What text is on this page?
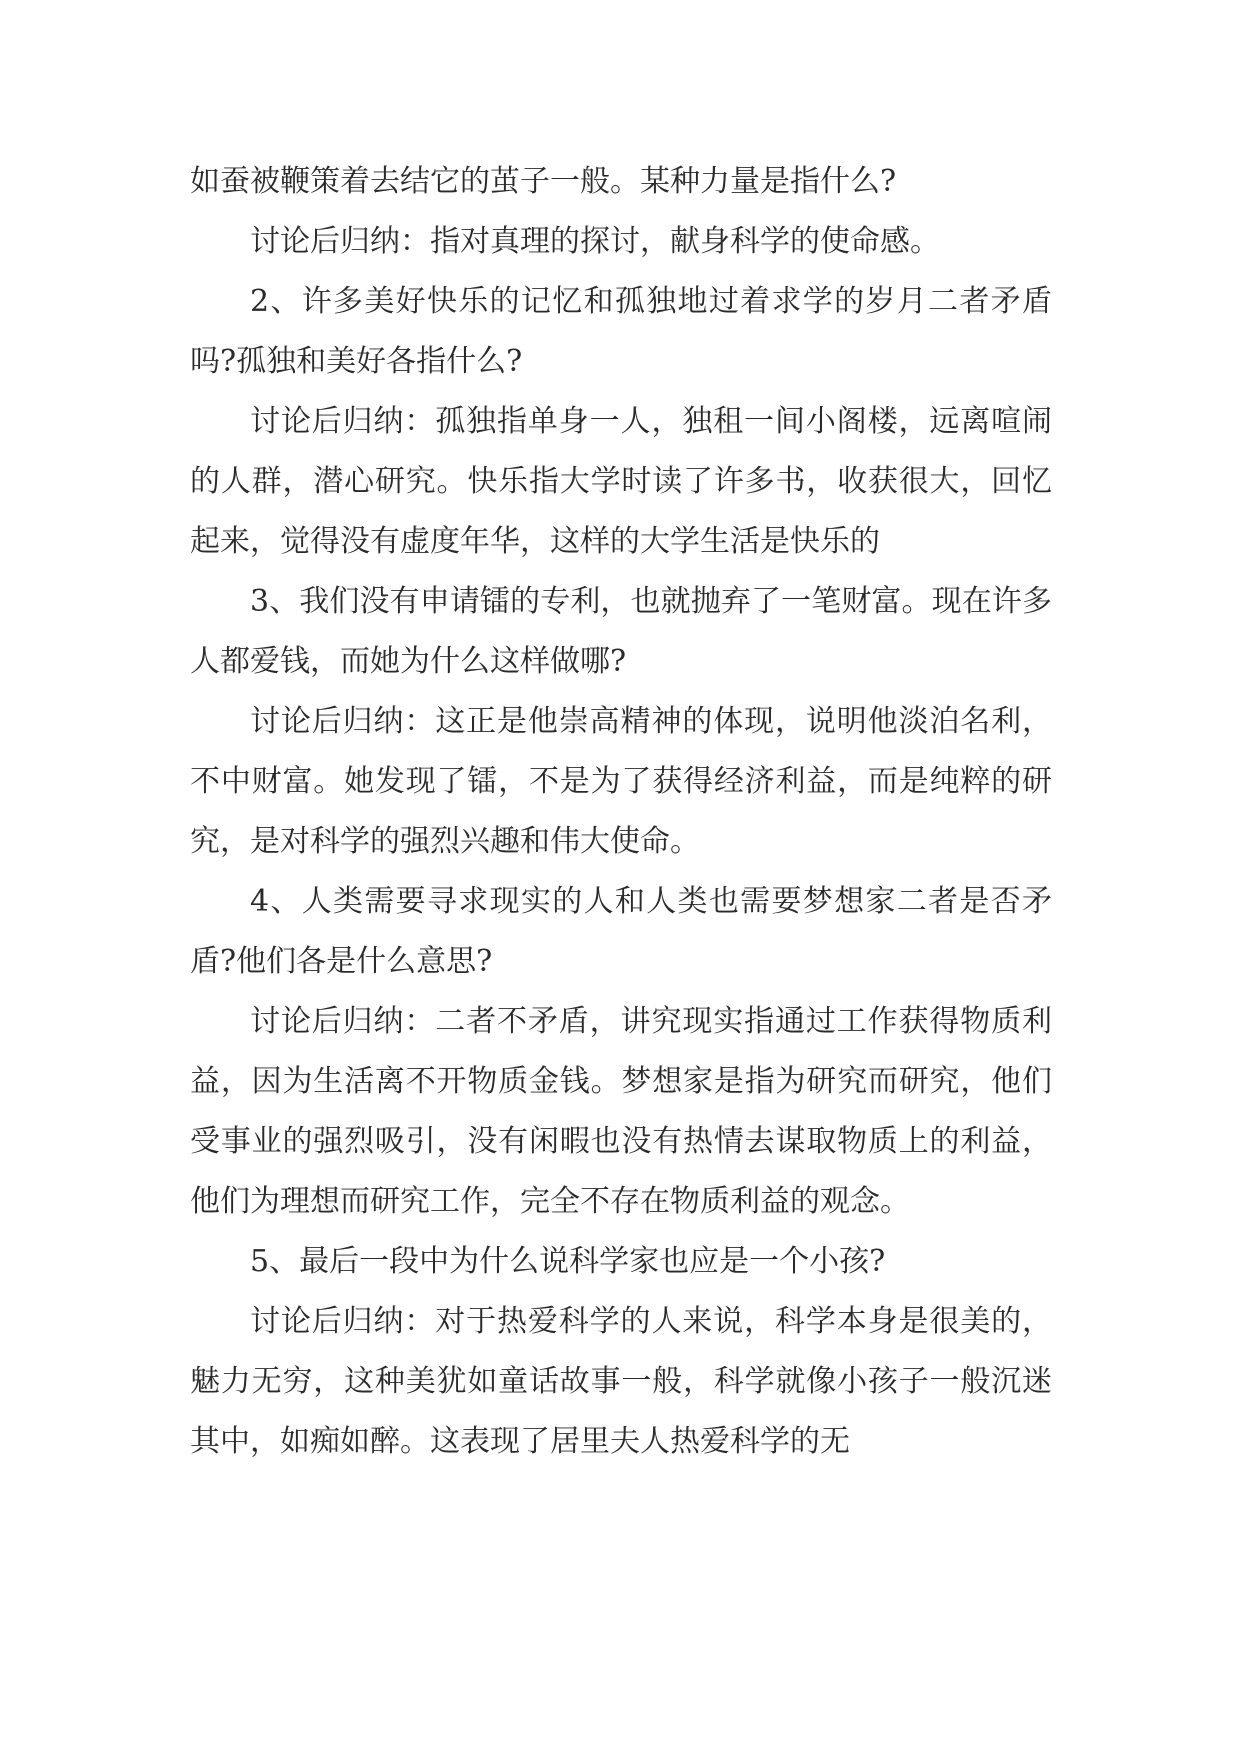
如蚕被鞭策着去结它的茧子一般。某种力量是指什么?

讨论后归纳：指对真理的探讨，献身科学的使命感。

2、许多美好快乐的记忆和孤独地过着求学的岁月二者矛盾吗?孤独和美好各指什么?

讨论后归纳：孤独指单身一人，独租一间小阁楼，远离喧闹的人群，潜心研究。快乐指大学时读了许多书，收获很大，回忆起来，觉得没有虚度年华，这样的大学生活是快乐的

3、我们没有申请镭的专利，也就抛弃了一笔财富。现在许多人都爱钱，而她为什么这样做哪?

讨论后归纳：这正是他崇高精神的体现，说明他淡泊名利，不中财富。她发现了镭，不是为了获得经济利益，而是纯粹的研究，是对科学的强烈兴趣和伟大使命。

4、人类需要寻求现实的人和人类也需要梦想家二者是否矛盾?他们各是什么意思?

讨论后归纳：二者不矛盾，讲究现实指通过工作获得物质利益，因为生活离不开物质金钱。梦想家是指为研究而研究，他们受事业的强烈吸引，没有闲暇也没有热情去谋取物质上的利益，他们为理想而研究工作，完全不存在物质利益的观念。

5、最后一段中为什么说科学家也应是一个小孩?

讨论后归纳：对于热爱科学的人来说，科学本身是很美的，魅力无穷，这种美犹如童话故事一般，科学就像小孩子一般沉迷其中，如痴如醉。这表现了居里夫人热爱科学的无
